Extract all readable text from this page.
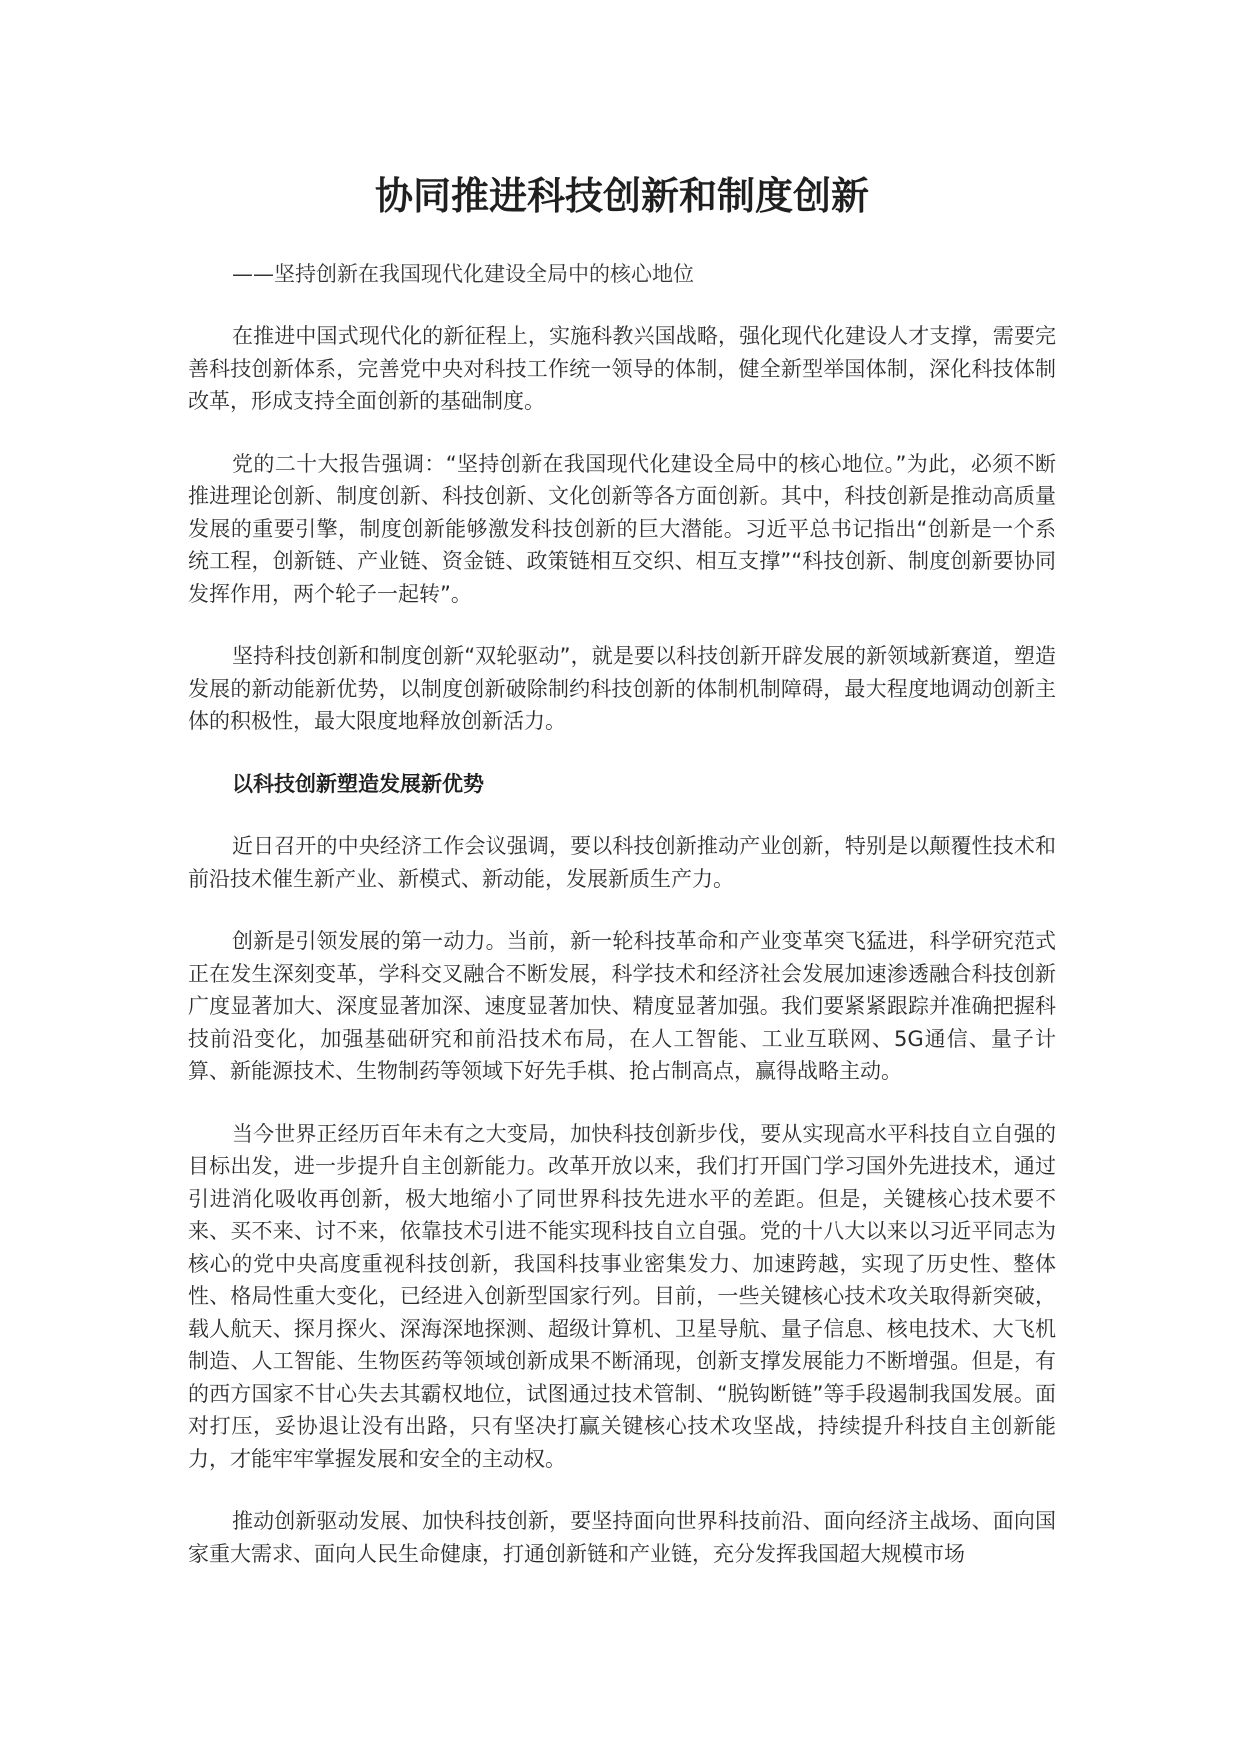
协同推进科技创新和制度创新

——坚持创新在我国现代化建设全局中的核心地位

在推进中国式现代化的新征程上，实施科教兴国战略，强化现代化建设人才支撑，需要完善科技创新体系，完善党中央对科技工作统一领导的体制，健全新型举国体制，深化科技体制改革，形成支持全面创新的基础制度。

党的二十大报告强调：“坚持创新在我国现代化建设全局中的核心地位。”为此，必须不断推进理论创新、制度创新、科技创新、文化创新等各方面创新。其中，科技创新是推动高质量发展的重要引擎，制度创新能够激发科技创新的巨大潜能。习近平总书记指出“创新是一个系统工程，创新链、产业链、资金链、政策链相互交织、相互支撑”“科技创新、制度创新要协同发挥作用，两个轮子一起转”。

坚持科技创新和制度创新“双轮驱动”，就是要以科技创新开辟发展的新领域新赛道，塑造发展的新动能新优势，以制度创新破除制约科技创新的体制机制障碍，最大程度地调动创新主体的积极性，最大限度地释放创新活力。

以科技创新塑造发展新优势

近日召开的中央经济工作会议强调，要以科技创新推动产业创新，特别是以颠覆性技术和前沿技术催生新产业、新模式、新动能，发展新质生产力。

创新是引领发展的第一动力。当前，新一轮科技革命和产业变革突飞猛进，科学研究范式正在发生深刻变革，学科交叉融合不断发展，科学技术和经济社会发展加速渗透融合科技创新广度显著加大、深度显著加深、速度显著加快、精度显著加强。我们要紧紧跟踪并准确把握科技前沿变化，加强基础研究和前沿技术布局，在人工智能、工业互联网、5G通信、量子计算、新能源技术、生物制药等领域下好先手棋、抢占制高点，赢得战略主动。

当今世界正经历百年未有之大变局，加快科技创新步伐，要从实现高水平科技自立自强的目标出发，进一步提升自主创新能力。改革开放以来，我们打开国门学习国外先进技术，通过引进消化吸收再创新，极大地缩小了同世界科技先进水平的差距。但是，关键核心技术要不来、买不来、讨不来，依靠技术引进不能实现科技自立自强。党的十八大以来以习近平同志为核心的党中央高度重视科技创新，我国科技事业密集发力、加速跨越，实现了历史性、整体性、格局性重大变化，已经进入创新型国家行列。目前，一些关键核心技术攻关取得新突破，载人航天、探月探火、深海深地探测、超级计算机、卫星导航、量子信息、核电技术、大飞机制造、人工智能、生物医药等领域创新成果不断涌现，创新支撑发展能力不断增强。但是，有的西方国家不甘心失去其霸权地位，试图通过技术管制、“脱钩断链”等手段遏制我国发展。面对打压，妥协退让没有出路，只有坚决打赢关键核心技术攻坚战，持续提升科技自主创新能力，才能牢牢掌握发展和安全的主动权。

推动创新驱动发展、加快科技创新，要坚持面向世界科技前沿、面向经济主战场、面向国家重大需求、面向人民生命健康，打通创新链和产业链，充分发挥我国超大规模市场
